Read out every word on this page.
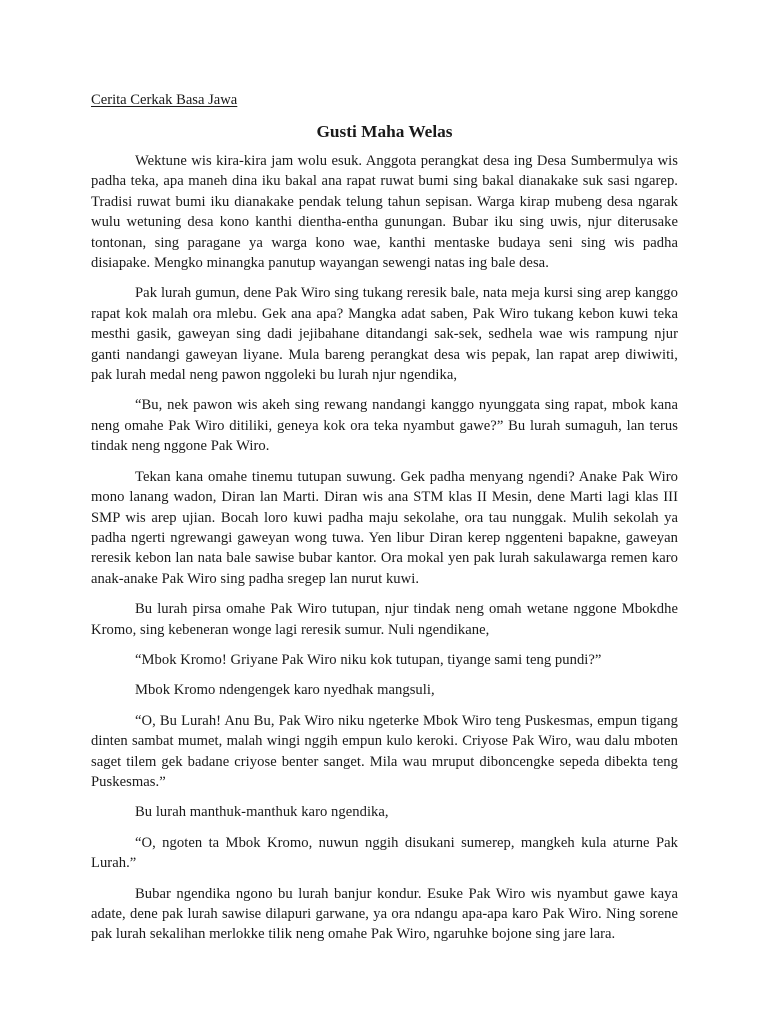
Cerita Cerkak Basa Jawa

Gusti Maha Welas

Wektune wis kira-kira jam wolu esuk. Anggota perangkat desa ing Desa Sumbermulya wis padha teka, apa maneh dina iku bakal ana rapat ruwat bumi sing bakal dianakake suk sasi ngarep. Tradisi ruwat bumi iku dianakake pendak telung tahun sepisan. Warga kirap mubeng desa ngarak wulu wetuning desa kono kanthi dientha-entha gunungan. Bubar iku sing uwis, njur diterusake tontonan, sing paragane ya warga kono wae, kanthi mentaske budaya seni sing wis padha disiapake. Mengko minangka panutup wayangan sewengi natas ing bale desa.

Pak lurah gumun, dene Pak Wiro sing tukang reresik bale, nata meja kursi sing arep kanggo rapat kok malah ora mlebu. Gek ana apa? Mangka adat saben, Pak Wiro tukang kebon kuwi teka mesthi gasik, gaweyan sing dadi jejibahane ditandangi sak-sek, sedhela wae wis rampung njur ganti nandangi gaweyan liyane. Mula bareng perangkat desa wis pepak, lan rapat arep diwiwiti, pak lurah medal neng pawon nggoleki bu lurah njur ngendika,

“Bu, nek pawon wis akeh sing rewang nandangi kanggo nyunggata sing rapat, mbok kana neng omahe Pak Wiro ditiliki, geneya kok ora teka nyambut gawe?” Bu lurah sumaguh, lan terus tindak neng nggone Pak Wiro.

Tekan kana omahe tinemu tutupan suwung. Gek padha menyang ngendi? Anake Pak Wiro mono lanang wadon, Diran lan Marti. Diran wis ana STM klas II Mesin, dene Marti lagi klas III SMP wis arep ujian. Bocah loro kuwi padha maju sekolahe, ora tau nunggak. Mulih sekolah ya padha ngerti ngrewangi gaweyan wong tuwa. Yen libur Diran kerep nggenteni bapakne, gaweyan reresik kebon lan nata bale sawise bubar kantor. Ora mokal yen pak lurah sakulawarga remen karo anak-anake Pak Wiro sing padha sregep lan nurut kuwi.

Bu lurah pirsa omahe Pak Wiro tutupan, njur tindak neng omah wetane nggone Mbokdhe Kromo, sing kebeneran wonge lagi reresik sumur. Nuli ngendikane,

“Mbok Kromo! Griyane Pak Wiro niku kok tutupan, tiyange sami teng pundi?”

Mbok Kromo ndengengek karo nyedhak mangsuli,

“O, Bu Lurah! Anu Bu, Pak Wiro niku ngeterke Mbok Wiro teng Puskesmas, empun tigang dinten sambat mumet, malah wingi nggih empun kulo keroki. Criyose Pak Wiro, wau dalu mboten saget tilem gek badane criyose benter sanget. Mila wau mruput diboncengke sepeda dibekta teng Puskesmas.”

Bu lurah manthuk-manthuk karo ngendika,

“O, ngoten ta Mbok Kromo, nuwun nggih disukani sumerep, mangkeh kula aturne Pak Lurah.”

Bubar ngendika ngono bu lurah banjur kondur. Esuke Pak Wiro wis nyambut gawe kaya adate, dene pak lurah sawise dilapuri garwane, ya ora ndangu apa-apa karo Pak Wiro. Ning sorene pak lurah sekalihan merlokke tilik neng omahe Pak Wiro, ngaruhke bojone sing jare lara.
